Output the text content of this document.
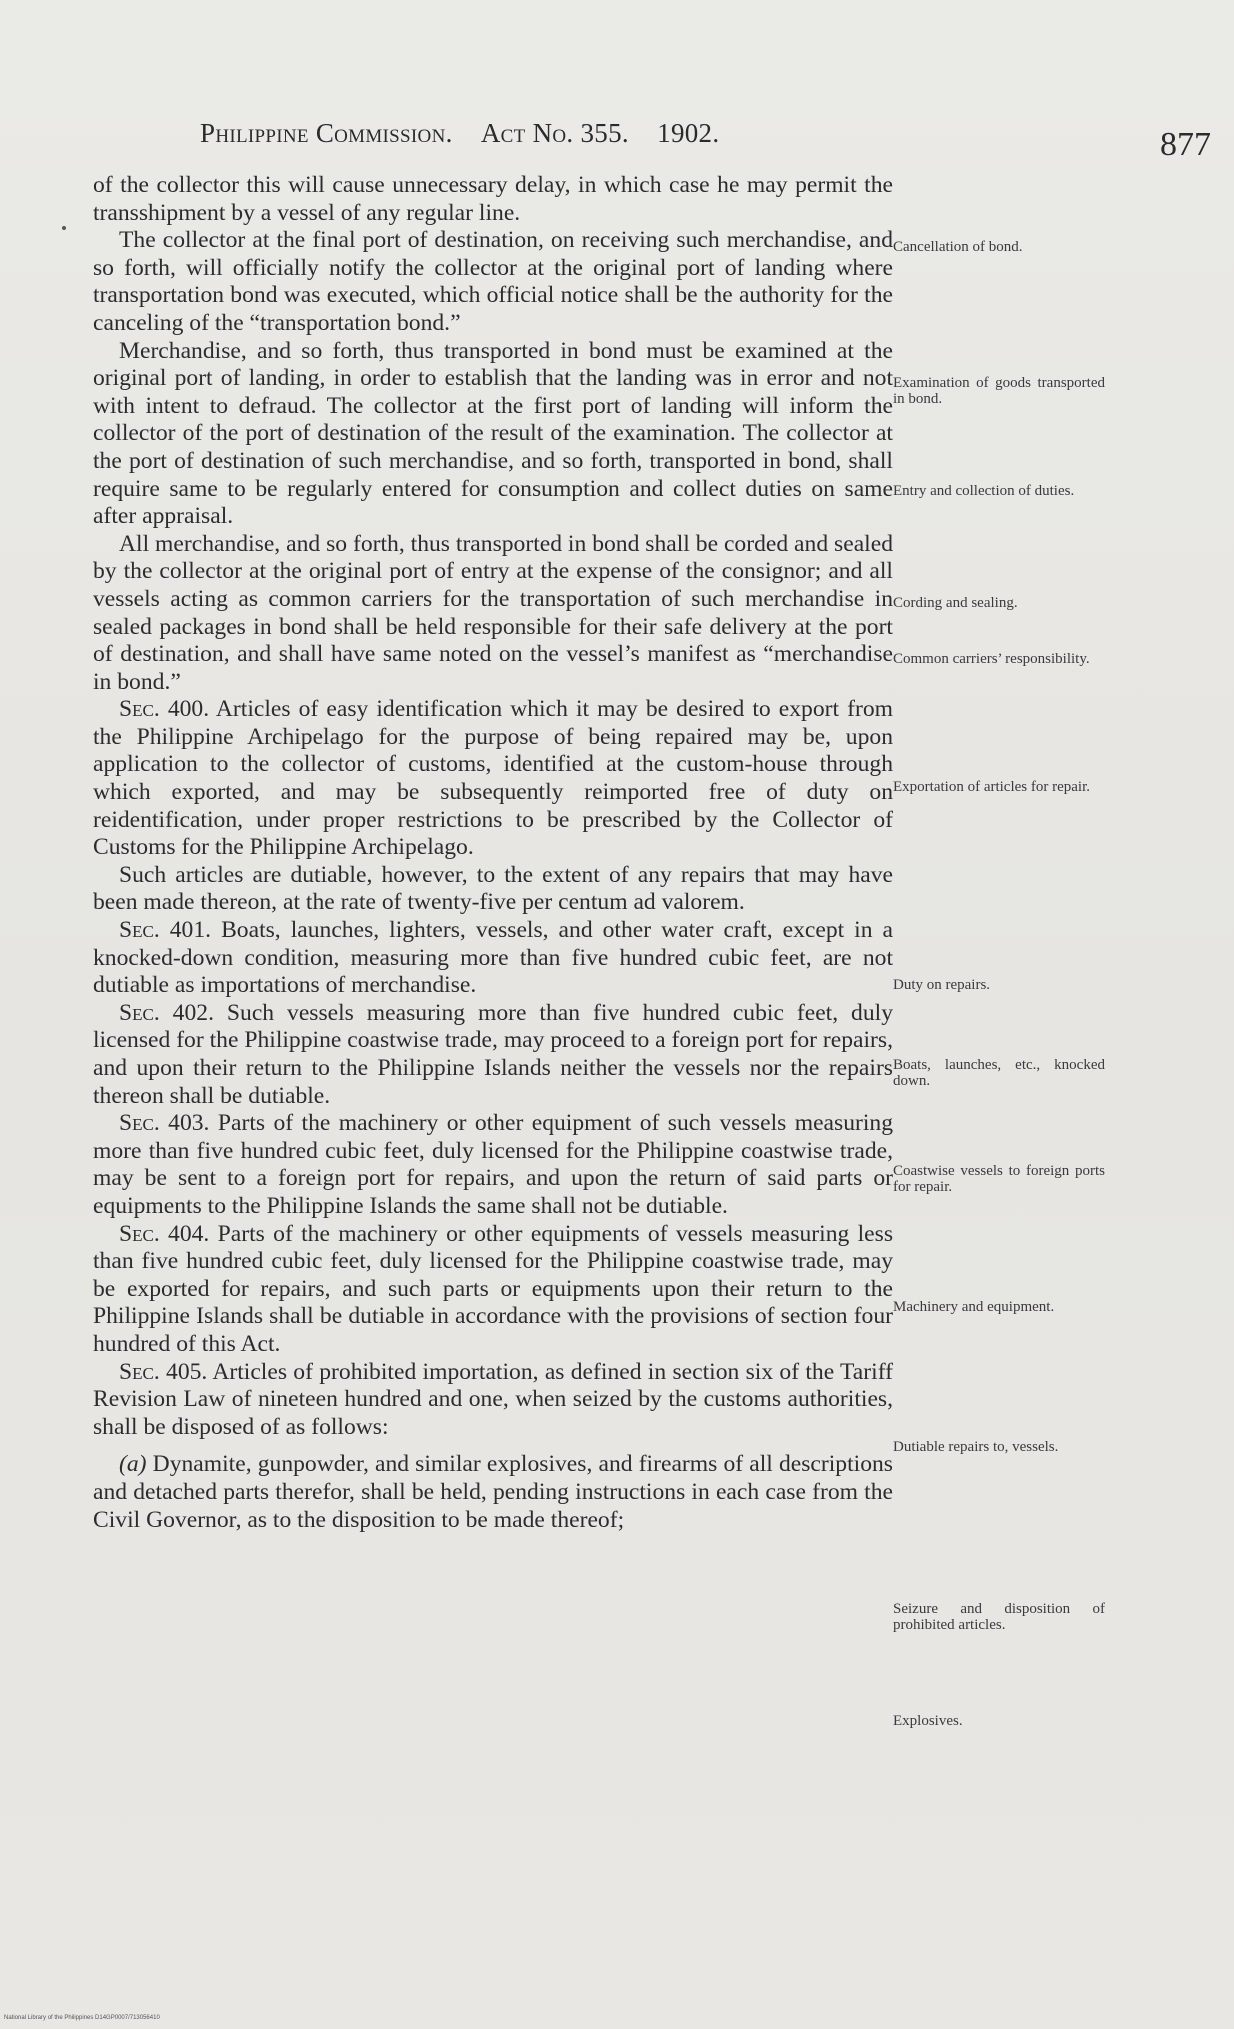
Philippine Commission. Act No. 355. 1902.	877

of the collector this will cause unnecessary delay, in which case he may permit the transshipment by a vessel of any regular line.

The collector at the final port of destination, on receiving such merchandise, and so forth, will officially notify the collector at the original port of landing where transportation bond was executed, which official notice shall be the authority for the canceling of the “transportation bond.”

Merchandise, and so forth, thus transported in bond must be examined at the original port of landing, in order to establish that the landing was in error and not with intent to defraud. The collector at the first port of landing will inform the collector of the port of destination of the result of the examination. The collector at the port of destination of such merchandise, and so forth, transported in bond, shall require same to be regularly entered for consumption and collect duties on same after appraisal.

All merchandise, and so forth, thus transported in bond shall be corded and sealed by the collector at the original port of entry at the expense of the consignor; and all vessels acting as common carriers for the transportation of such merchandise in sealed packages in bond shall be held responsible for their safe delivery at the port of destination, and shall have same noted on the vessel’s manifest as “merchandise in bond.”

Sec. 400. Articles of easy identification which it may be desired to export from the Philippine Archipelago for the purpose of being repaired may be, upon application to the collector of customs, identified at the custom-house through which exported, and may be subsequently reimported free of duty on reidentification, under proper restrictions to be prescribed by the Collector of Customs for the Philippine Archipelago.

Such articles are dutiable, however, to the extent of any repairs that may have been made thereon, at the rate of twenty-five per centum ad valorem.

Sec. 401. Boats, launches, lighters, vessels, and other water craft, except in a knocked-down condition, measuring more than five hundred cubic feet, are not dutiable as importations of merchandise.

Sec. 402. Such vessels measuring more than five hundred cubic feet, duly licensed for the Philippine coastwise trade, may proceed to a foreign port for repairs, and upon their return to the Philippine Islands neither the vessels nor the repairs thereon shall be dutiable.

Sec. 403. Parts of the machinery or other equipment of such vessels measuring more than five hundred cubic feet, duly licensed for the Philippine coastwise trade, may be sent to a foreign port for repairs, and upon the return of said parts or equipments to the Philippine Islands the same shall not be dutiable.

Sec. 404. Parts of the machinery or other equipments of vessels measuring less than five hundred cubic feet, duly licensed for the Philippine coastwise trade, may be exported for repairs, and such parts or equipments upon their return to the Philippine Islands shall be dutiable in accordance with the provisions of section four hundred of this Act.

Sec. 405. Articles of prohibited importation, as defined in section six of the Tariff Revision Law of nineteen hundred and one, when seized by the customs authorities, shall be disposed of as follows:

(a) Dynamite, gunpowder, and similar explosives, and firearms of all descriptions and detached parts therefor, shall be held, pending instructions in each case from the Civil Governor, as to the disposition to be made thereof;

Cancellation of bond.
Examination of goods transported in bond.
Entry and collection of duties.
Cording and sealing.
Common carriers’ responsibility.
Exportation of articles for repair.
Duty on repairs.
Boats, launches, etc., knocked down.
Coastwise vessels to foreign ports for repair.
Machinery and equipment.
Dutiable repairs to, vessels.
Seizure and disposition of prohibited articles.
Explosives.
National Library of the Philippines D14GP0007/713056410
